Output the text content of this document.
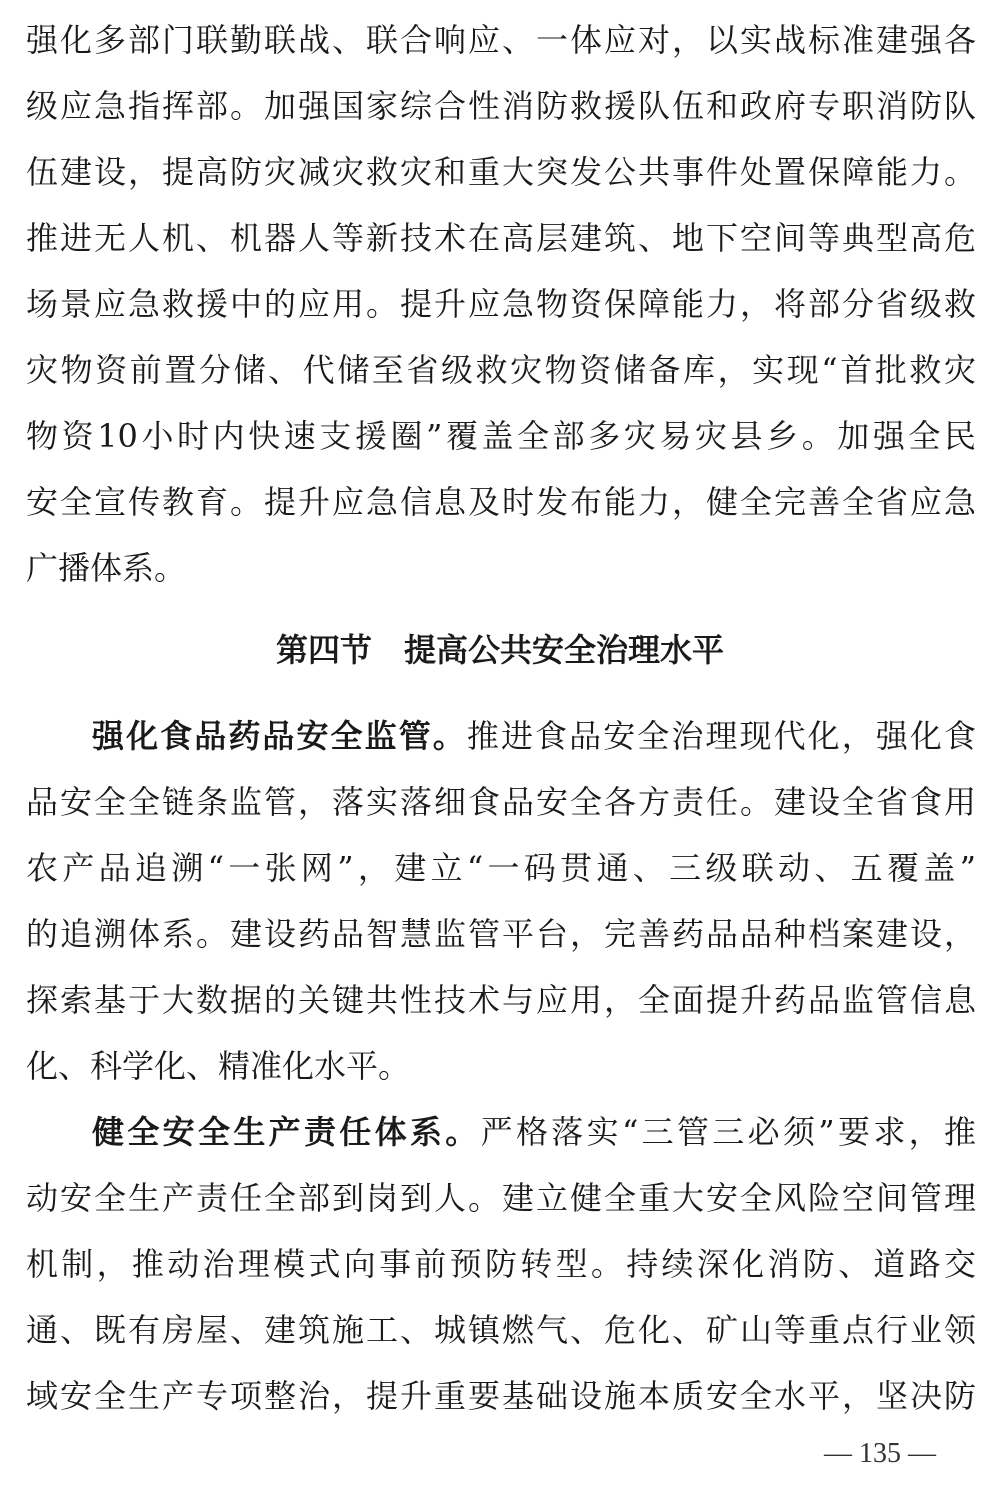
强化多部门联勤联战、联合响应、一体应对，以实战标准建强各
级应急指挥部。加强国家综合性消防救援队伍和政府专职消防队
伍建设，提高防灾减灾救灾和重大突发公共事件处置保障能力。
推进无人机、机器人等新技术在高层建筑、地下空间等典型高危
场景应急救援中的应用。提升应急物资保障能力，将部分省级救
灾物资前置分储、代储至省级救灾物资储备库，实现“首批救灾
物资10小时内快速支援圈”覆盖全部多灾易灾县乡。加强全民
安全宣传教育。提升应急信息及时发布能力，健全完善全省应急
广播体系。
第四节　提高公共安全治理水平
强化食品药品安全监管。推进食品安全治理现代化，强化食
品安全全链条监管，落实落细食品安全各方责任。建设全省食用
农产品追溯“一张网”，建立“一码贯通、三级联动、五覆盖”
的追溯体系。建设药品智慧监管平台，完善药品品种档案建设，
探索基于大数据的关键共性技术与应用，全面提升药品监管信息
化、科学化、精准化水平。
健全安全生产责任体系。严格落实“三管三必须”要求，推
动安全生产责任全部到岗到人。建立健全重大安全风险空间管理
机制，推动治理模式向事前预防转型。持续深化消防、道路交
通、既有房屋、建筑施工、城镇燃气、危化、矿山等重点行业领
域安全生产专项整治，提升重要基础设施本质安全水平，坚决防
— 135 —
